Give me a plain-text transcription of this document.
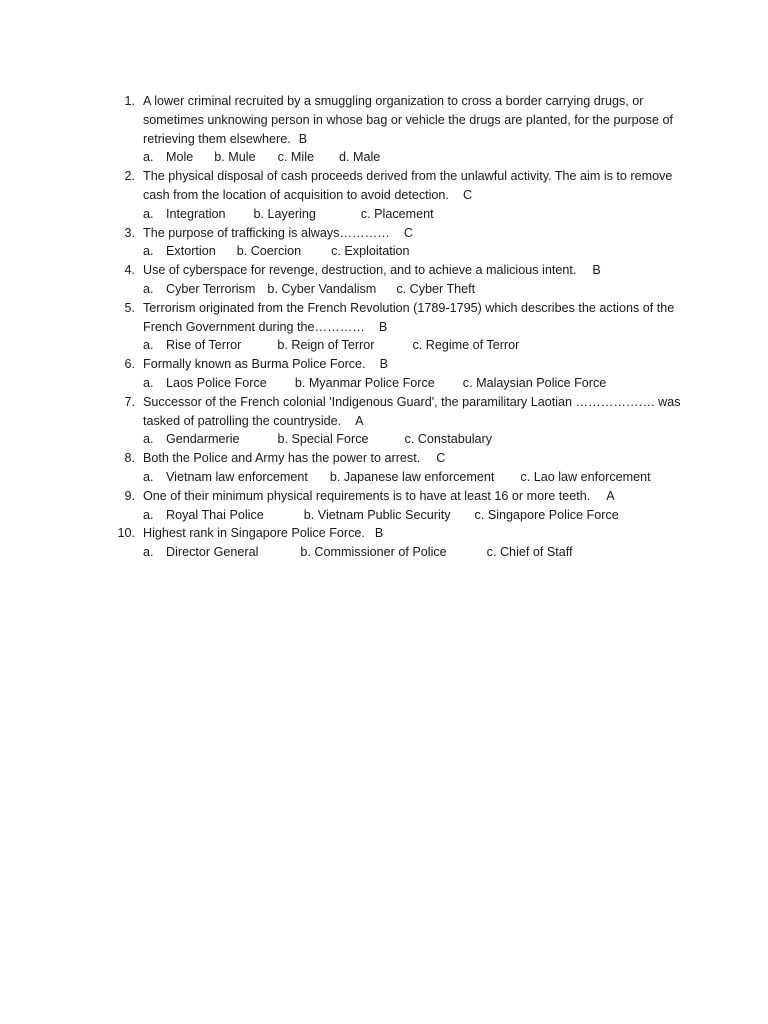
1. A lower criminal recruited by a smuggling organization to cross a border carrying drugs, or
sometimes unknowing person in whose bag or vehicle the drugs are planted, for the purpose of
retrieving them elsewhere. B
a. Mole b. Mule c. Mile d. Male
2. The physical disposal of cash proceeds derived from the unlawful activity. The aim is to remove
cash from the location of acquisition to avoid detection. C
a. Integration b. Layering	c. Placement
3. The purpose of trafficking is always………… C
a. Extortion b. Coercion c. Exploitation
4. Use of cyberspace for revenge, destruction, and to achieve a malicious intent. B
a. Cyber Terrorism b. Cyber Vandalism c. Cyber Theft
5. Terrorism originated from the French Revolution (1789-1795) which describes the actions of the
French Government during the………… B
a. Rise of Terror	b. Reign of Terror	c. Regime of Terror
6. Formally known as Burma Police Force. B
a. Laos Police Force b. Myanmar Police Force c. Malaysian Police Force
7. Successor of the French colonial 'Indigenous Guard', the paramilitary Laotian ………………. was
tasked of patrolling the countryside. A
a. Gendarmerie	b. Special Force	c. Constabulary
8. Both the Police and Army has the power to arrest. C
a. Vietnam law enforcement b. Japanese law enforcement c. Lao law enforcement
9. One of their minimum physical requirements is to have at least 16 or more teeth. A
a. Royal Thai Police	b. Vietnam Public Security c. Singapore Police Force
10. Highest rank in Singapore Police Force. B
a. Director General	b. Commissioner of Police	c. Chief of Staff
